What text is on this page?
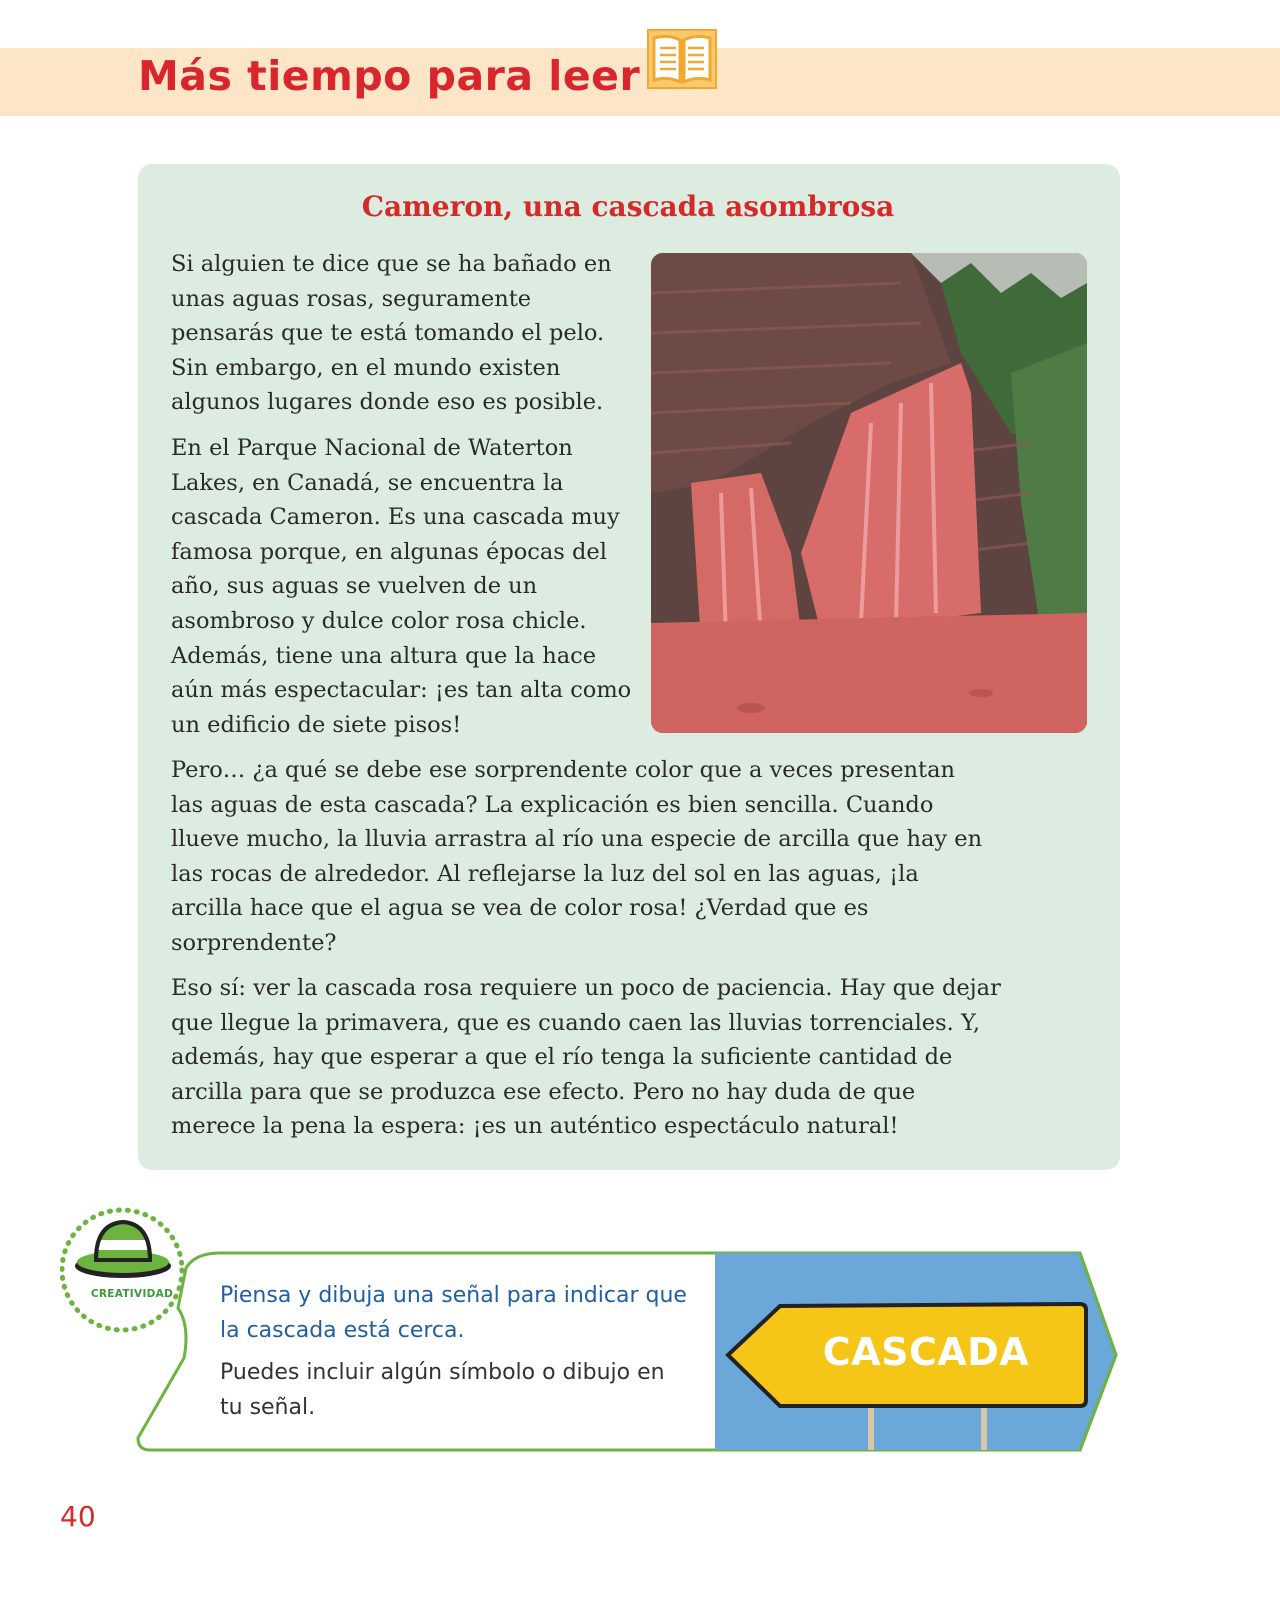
Más tiempo para leer
Cameron, una cascada asombrosa

Si alguien te dice que se ha bañado en unas aguas rosas, seguramente pensarás que te está tomando el pelo. Sin embargo, en el mundo existen algunos lugares donde eso es posible.

En el Parque Nacional de Waterton Lakes, en Canadá, se encuentra la cascada Cameron. Es una cascada muy famosa porque, en algunas épocas del año, sus aguas se vuelven de un asombroso y dulce color rosa chicle. Además, tiene una altura que la hace aún más espectacular: ¡es tan alta como un edificio de siete pisos!

Pero… ¿a qué se debe ese sorprendente color que a veces presentan las aguas de esta cascada? La explicación es bien sencilla. Cuando llueve mucho, la lluvia arrastra al río una especie de arcilla que hay en las rocas de alrededor. Al reflejarse la luz del sol en las aguas, ¡la arcilla hace que el agua se vea de color rosa! ¿Verdad que es sorprendente?

Eso sí: ver la cascada rosa requiere un poco de paciencia. Hay que dejar que llegue la primavera, que es cuando caen las lluvias torrenciales. Y, además, hay que esperar a que el río tenga la suficiente cantidad de arcilla para que se produzca ese efecto. Pero no hay duda de que merece la pena la espera: ¡es un auténtico espectáculo natural!

CREATIVIDAD	Piensa y dibuja una señal para indicar que la cascada está cerca.

Puedes incluir algún símbolo o dibujo en tu señal.

CASCADA
40
